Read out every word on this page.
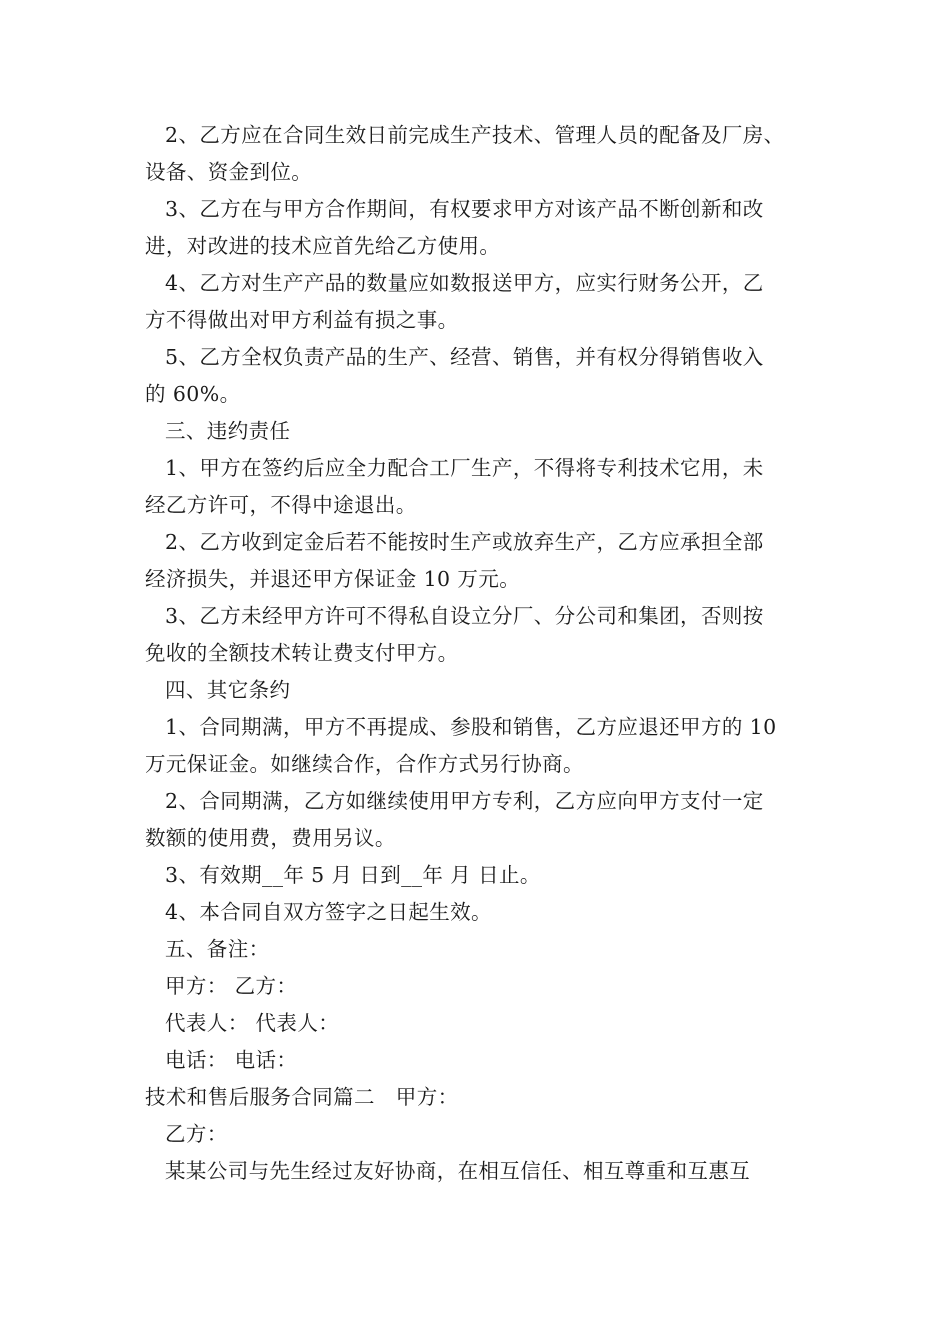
2、乙方应在合同生效日前完成生产技术、管理人员的配备及厂房、
设备、资金到位。
3、乙方在与甲方合作期间，有权要求甲方对该产品不断创新和改
进，对改进的技术应首先给乙方使用。
4、乙方对生产产品的数量应如数报送甲方，应实行财务公开，乙
方不得做出对甲方利益有损之事。
5、乙方全权负责产品的生产、经营、销售，并有权分得销售收入
的 60%。
三、违约责任
1、甲方在签约后应全力配合工厂生产，不得将专利技术它用，未
经乙方许可，不得中途退出。
2、乙方收到定金后若不能按时生产或放弃生产，乙方应承担全部
经济损失，并退还甲方保证金 10 万元。
3、乙方未经甲方许可不得私自设立分厂、分公司和集团，否则按
免收的全额技术转让费支付甲方。
四、其它条约
1、合同期满，甲方不再提成、参股和销售，乙方应退还甲方的 10
万元保证金。如继续合作，合作方式另行协商。
2、合同期满，乙方如继续使用甲方专利，乙方应向甲方支付一定
数额的使用费，费用另议。
3、有效期__年 5 月 日到__年 月 日止。
4、本合同自双方签字之日起生效。
五、备注：
甲方： 乙方：
代表人： 代表人：
电话： 电话：
技术和售后服务合同篇二　甲方：
乙方：
某某公司与先生经过友好协商，在相互信任、相互尊重和互惠互
